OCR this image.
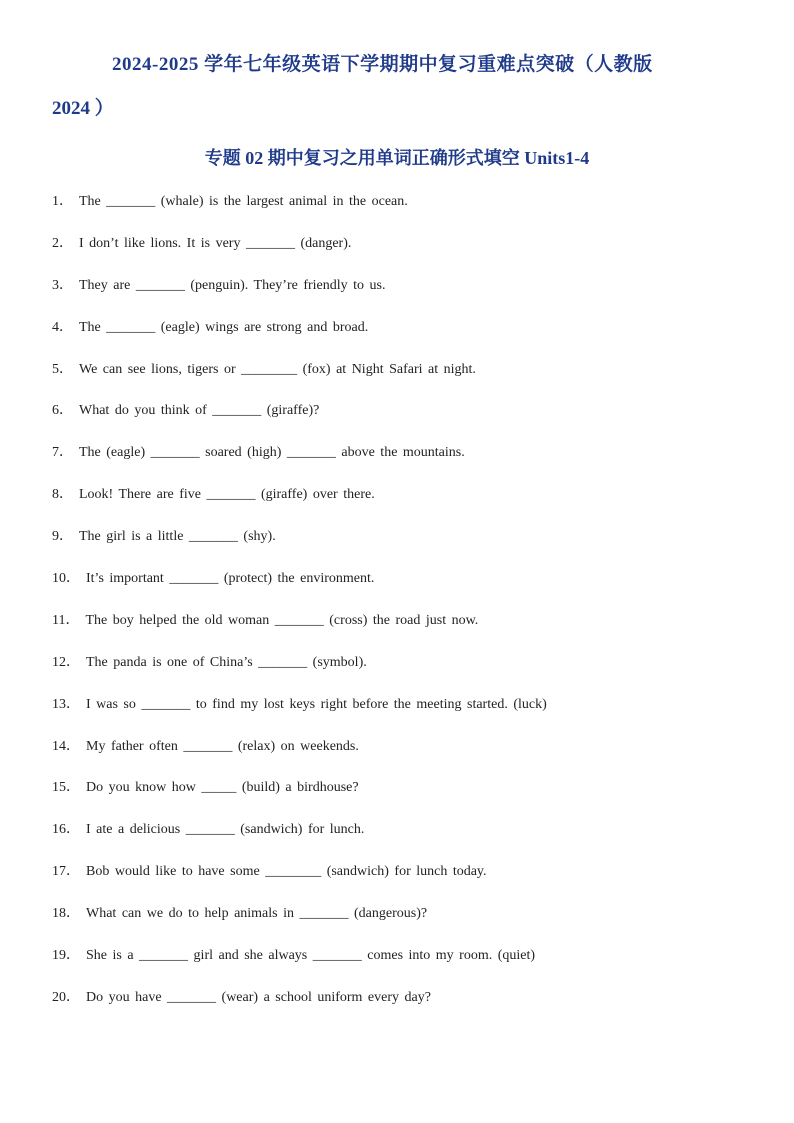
2024-2025 学年七年级英语下学期期中复习重难点突破（人教版
2024 ）
专题 02 期中复习之用单词正确形式填空 Units1-4
1． The _______ (whale) is the largest animal in the ocean.
2． I don’t like lions. It is very _______ (danger).
3． They are _______ (penguin). They’re friendly to us.
4． The _______ (eagle) wings are strong and broad.
5． We can see lions, tigers or ________ (fox) at Night Safari at night.
6． What do you think of _______ (giraffe)?
7． The (eagle) _______ soared (high) _______ above the mountains.
8． Look! There are five _______ (giraffe) over there.
9． The girl is a little _______ (shy).
10． It’s important _______ (protect) the environment.
11． The boy helped the old woman _______ (cross) the road just now.
12． The panda is one of China’s _______ (symbol).
13． I was so _______ to find my lost keys right before the meeting started. (luck)
14． My father often _______ (relax) on weekends.
15． Do you know how _____ (build) a birdhouse?
16． I ate a delicious _______ (sandwich) for lunch.
17． Bob would like to have some ________ (sandwich) for lunch today.
18． What can we do to help animals in _______ (dangerous)?
19． She is a _______ girl and she always _______ comes into my room. (quiet)
20． Do you have _______ (wear) a school uniform every day?
